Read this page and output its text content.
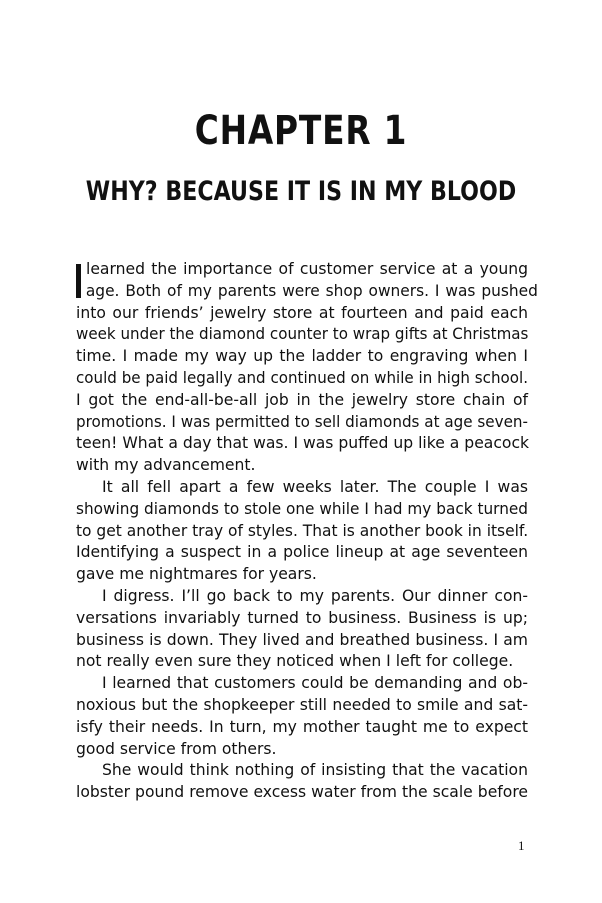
CHAPTER 1
WHY? BECAUSE IT IS IN MY BLOOD
learned the importance of customer service at a young
age. Both of my parents were shop owners. I was pushed
into our friends’ jewelry store at fourteen and paid each
week under the diamond counter to wrap gifts at Christmas
time. I made my way up the ladder to engraving when I
could be paid legally and continued on while in high school.
I got the end-all-be-all job in the jewelry store chain of
promotions. I was permitted to sell diamonds at age seven-
teen! What a day that was. I was puffed up like a peacock
with my advancement.
It all fell apart a few weeks later. The couple I was
showing diamonds to stole one while I had my back turned
to get another tray of styles. That is another book in itself.
Identifying a suspect in a police lineup at age seventeen
gave me nightmares for years.
I digress. I’ll go back to my parents. Our dinner con-
versations invariably turned to business. Business is up;
business is down. They lived and breathed business. I am
not really even sure they noticed when I left for college.
I learned that customers could be demanding and ob-
noxious but the shopkeeper still needed to smile and sat-
isfy their needs. In turn, my mother taught me to expect
good service from others.
She would think nothing of insisting that the vacation
lobster pound remove excess water from the scale before

1
